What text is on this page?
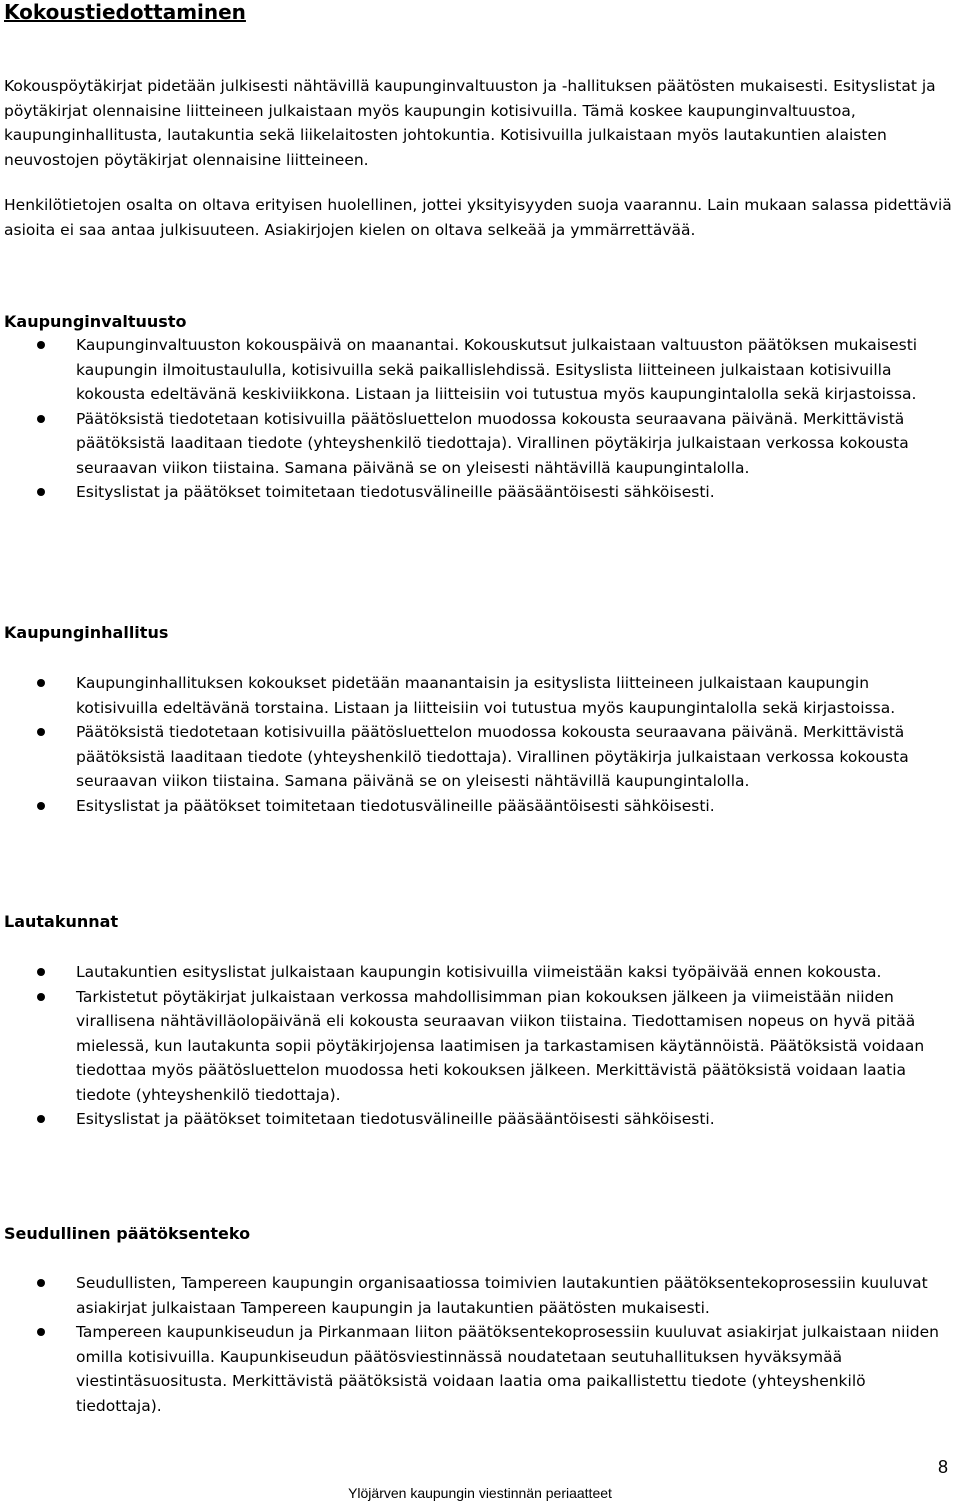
Kokoustiedottaminen

Kokouspöytäkirjat pidetään julkisesti nähtävillä kaupunginvaltuuston ja -hallituksen päätösten mukaisesti. Esityslistat ja pöytäkirjat olennaisine liitteineen julkaistaan myös kaupungin kotisivuilla. Tämä koskee kaupunginvaltuustoa, kaupunginhallitusta, lautakuntia sekä liikelaitosten johtokuntia. Kotisivuilla julkaistaan myös lautakuntien alaisten neuvostojen pöytäkirjat olennaisine liitteineen.

Henkilötietojen osalta on oltava erityisen huolellinen, jottei yksityisyyden suoja vaarannu. Lain mukaan salassa pidettäviä asioita ei saa antaa julkisuuteen. Asiakirjojen kielen on oltava selkeää ja ymmärrettävää.

Kaupunginvaltuusto
Kaupunginvaltuuston kokouspäivä on maanantai. Kokouskutsut julkaistaan valtuuston päätöksen mukaisesti kaupungin ilmoitustaululla, kotisivuilla sekä paikallislehdissä. Esityslista liitteineen julkaistaan kotisivuilla kokousta edeltävänä keskiviikkona. Listaan ja liitteisiin voi tutustua myös kaupungintalolla sekä kirjastoissa.
Päätöksistä tiedotetaan kotisivuilla päätösluettelon muodossa kokousta seuraavana päivänä. Merkittävistä päätöksistä laaditaan tiedote (yhteyshenkilö tiedottaja). Virallinen pöytäkirja julkaistaan verkossa kokousta seuraavan viikon tiistaina. Samana päivänä se on yleisesti nähtävillä kaupungintalolla.
Esityslistat ja päätökset toimitetaan tiedotusvälineille pääsääntöisesti sähköisesti.
Kaupunginhallitus
Kaupunginhallituksen kokoukset pidetään maanantaisin ja esityslista liitteineen julkaistaan kaupungin kotisivuilla edeltävänä torstaina. Listaan ja liitteisiin voi tutustua myös kaupungintalolla sekä kirjastoissa.
Päätöksistä tiedotetaan kotisivuilla päätösluettelon muodossa kokousta seuraavana päivänä. Merkittävistä päätöksistä laaditaan tiedote (yhteyshenkilö tiedottaja). Virallinen pöytäkirja julkaistaan verkossa kokousta seuraavan viikon tiistaina. Samana päivänä se on yleisesti nähtävillä kaupungintalolla.
Esityslistat ja päätökset toimitetaan tiedotusvälineille pääsääntöisesti sähköisesti.
Lautakunnat
Lautakuntien esityslistat julkaistaan kaupungin kotisivuilla viimeistään kaksi työpäivää ennen kokousta.
Tarkistetut pöytäkirjat julkaistaan verkossa mahdollisimman pian kokouksen jälkeen ja viimeistään niiden virallisena nähtävilläolopäivänä eli kokousta seuraavan viikon tiistaina. Tiedottamisen nopeus on hyvä pitää mielessä, kun lautakunta sopii pöytäkirjojensa laatimisen ja tarkastamisen käytännöistä. Päätöksistä voidaan tiedottaa myös päätösluettelon muodossa heti kokouksen jälkeen. Merkittävistä päätöksistä voidaan laatia tiedote (yhteyshenkilö tiedottaja).
Esityslistat ja päätökset toimitetaan tiedotusvälineille pääsääntöisesti sähköisesti.
Seudullinen päätöksenteko
Seudullisten, Tampereen kaupungin organisaatiossa toimivien lautakuntien päätöksentekoprosessiin kuuluvat asiakirjat julkaistaan Tampereen kaupungin ja lautakuntien päätösten mukaisesti.
Tampereen kaupunkiseudun ja Pirkanmaan liiton päätöksentekoprosessiin kuuluvat asiakirjat julkaistaan niiden omilla kotisivuilla. Kaupunkiseudun päätösviestinnässä noudatetaan seutuhallituksen hyväksymää viestintäsuositusta. Merkittävistä päätöksistä voidaan laatia oma paikallistettu tiedote (yhteyshenkilö tiedottaja).

8

Ylöjärven kaupungin viestinnän periaatteet
